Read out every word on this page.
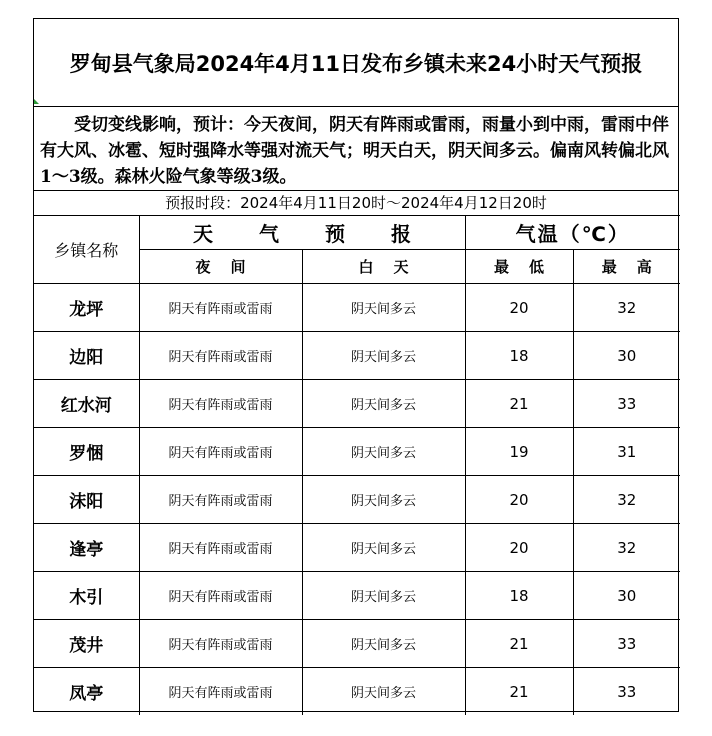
罗甸县气象局2024年4月11日发布乡镇未来24小时天气预报
受切变线影响，预计：今天夜间，阴天有阵雨或雷雨，雨量小到中雨，雷雨中伴有大风、冰雹、短时强降水等强对流天气；明天白天，阴天间多云。偏南风转偏北风1～3级。森林火险气象等级3级。
预报时段：2024年4月11日20时～2024年4月12日20时
乡镇名称	天气预报		气温（℃）	
	夜间	白天	最低	最高
龙坪	阴天有阵雨或雷雨	阴天间多云	20	32
边阳	阴天有阵雨或雷雨	阴天间多云	18	30
红水河	阴天有阵雨或雷雨	阴天间多云	21	33
罗悃	阴天有阵雨或雷雨	阴天间多云	19	31
沫阳	阴天有阵雨或雷雨	阴天间多云	20	32
逢亭	阴天有阵雨或雷雨	阴天间多云	20	32
木引	阴天有阵雨或雷雨	阴天间多云	18	30
茂井	阴天有阵雨或雷雨	阴天间多云	21	33
凤亭	阴天有阵雨或雷雨	阴天间多云	21	33
